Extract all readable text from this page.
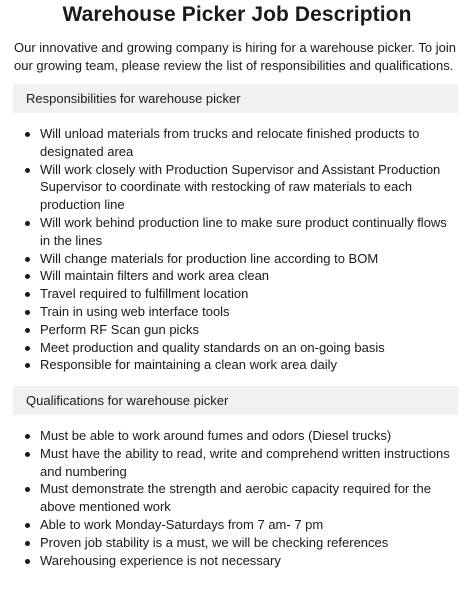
Warehouse Picker Job Description

Our innovative and growing company is hiring for a warehouse picker. To join our growing team, please review the list of responsibilities and qualifications.

Responsibilities for warehouse picker
Will unload materials from trucks and relocate finished products to designated area
Will work closely with Production Supervisor and Assistant Production Supervisor to coordinate with restocking of raw materials to each production line
Will work behind production line to make sure product continually flows in the lines
Will change materials for production line according to BOM
Will maintain filters and work area clean
Travel required to fulfillment location
Train in using web interface tools
Perform RF Scan gun picks
Meet production and quality standards on an on-going basis
Responsible for maintaining a clean work area daily
Qualifications for warehouse picker
Must be able to work around fumes and odors (Diesel trucks)
Must have the ability to read, write and comprehend written instructions and numbering
Must demonstrate the strength and aerobic capacity required for the above mentioned work
Able to work Monday-Saturdays from 7 am- 7 pm
Proven job stability is a must, we will be checking references
Warehousing experience is not necessary
